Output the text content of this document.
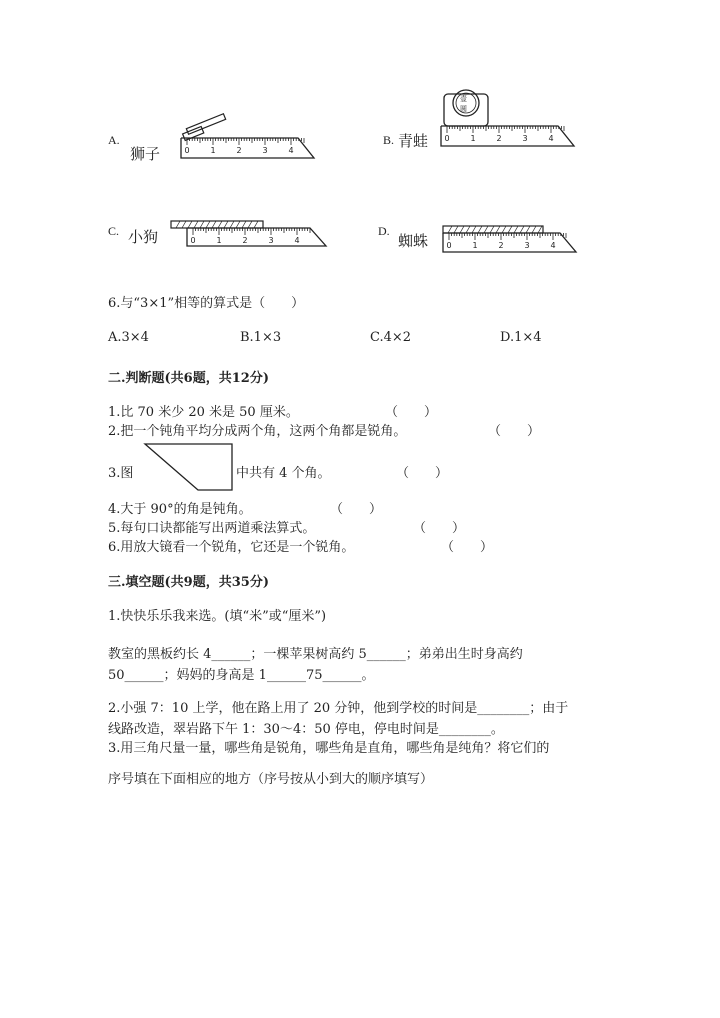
A.
狮子	0	1	2	3	4
B. 青蛙
壹
圆
0	1	2	3	4
C. 小狗	0	1	2	3	4
D.
蜘蛛 0	1	2	3	4
6.与“3×1”相等的算式是（　　）
A.3×4	B.1×3	C.4×2	D.1×4
二.判断题(共6题，共12分)
1.比 70 米少 20 米是 50 厘米。	（　　）
2.把一个钝角平均分成两个角，这两个角都是锐角。	（　　）
3.图	中共有 4 个角。	（　　）
4.大于 90°的角是钝角。	（　　）
5.每句口诀都能写出两道乘法算式。	（　　）
6.用放大镜看一个锐角，它还是一个锐角。	（　　）
三.填空题(共9题，共35分)
1.快快乐乐我来选。(填“米”或“厘米”)
教室的黑板约长 4______；一棵苹果树高约 5______；弟弟出生时身高约
50______；妈妈的身高是 1______75______。
2.小强 7：10 上学，他在路上用了 20 分钟，他到学校的时间是________；由于
线路改造，翠岩路下午 1：30～4：50 停电，停电时间是________。
3.用三角尺量一量，哪些角是锐角，哪些角是直角，哪些角是纯角？将它们的
序号填在下面相应的地方（序号按从小到大的顺序填写）
